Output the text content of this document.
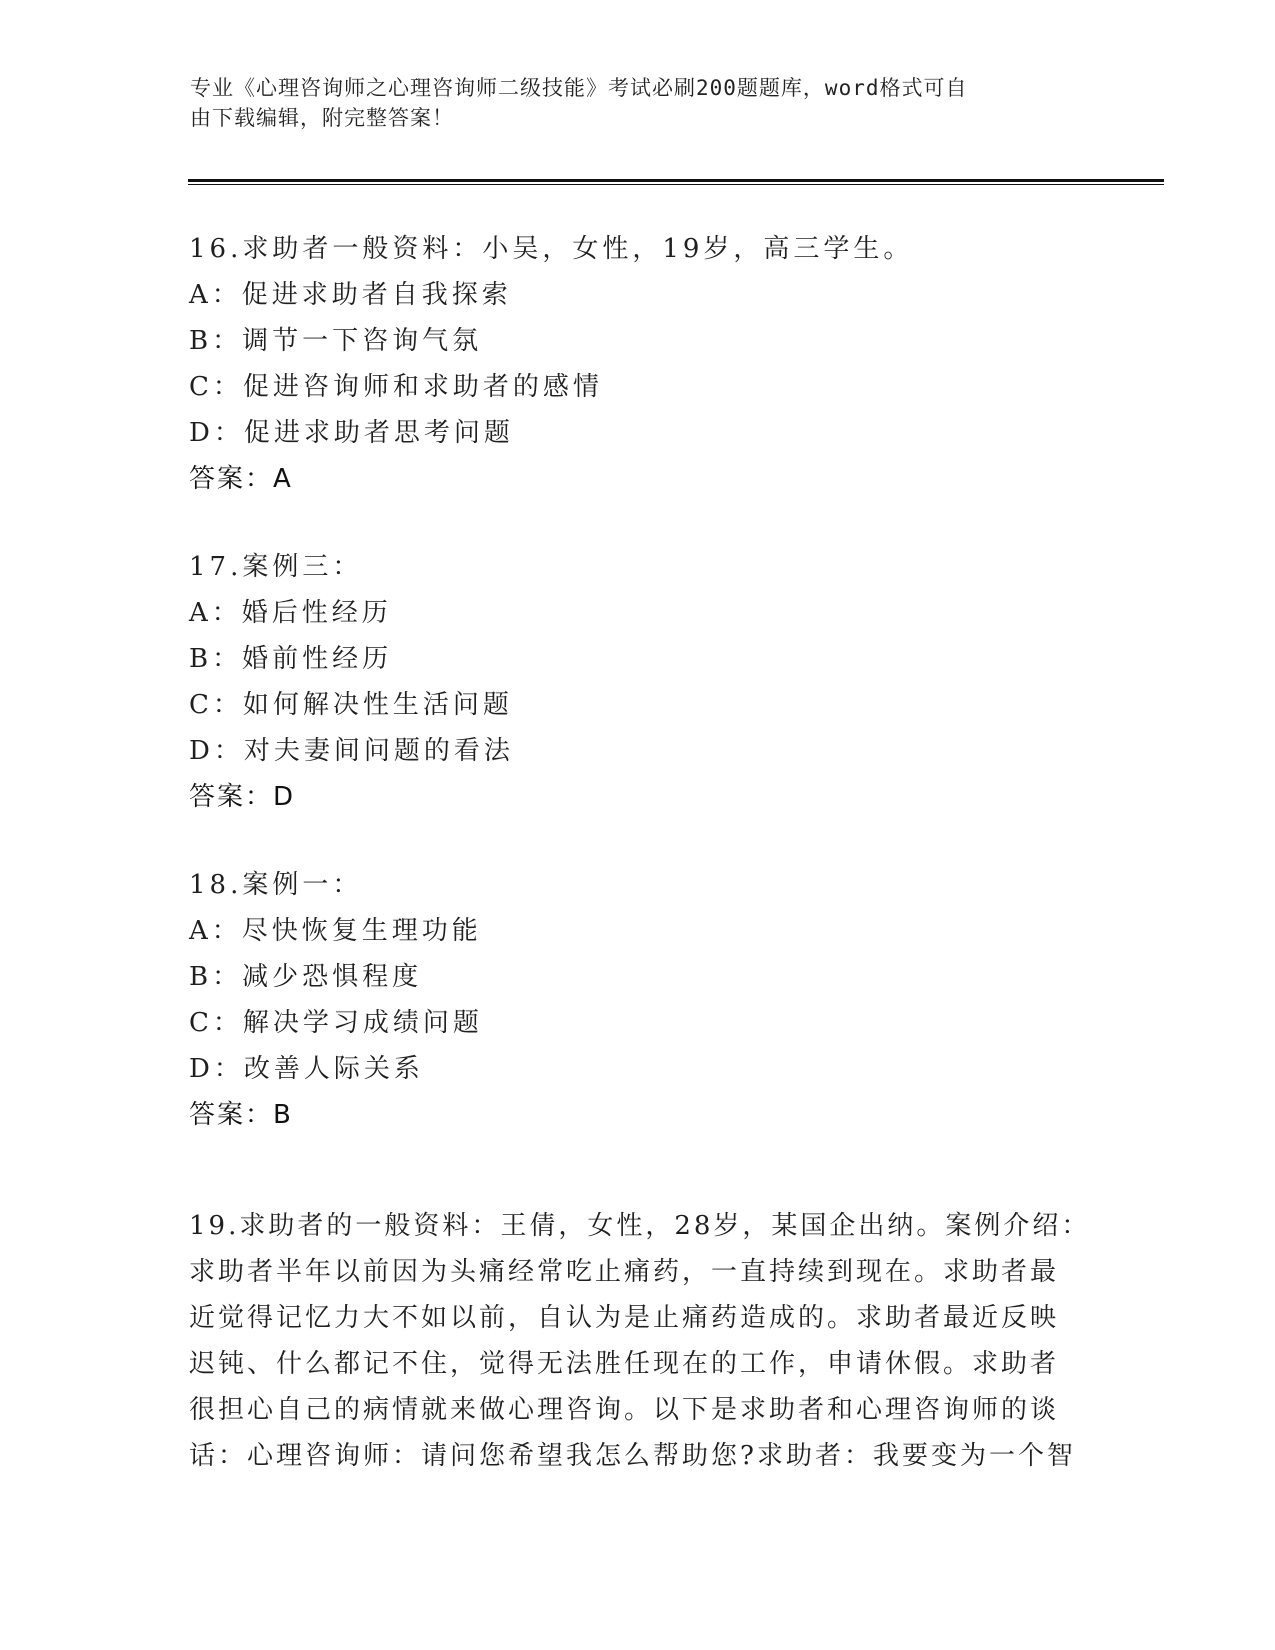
专业《心理咨询师之心理咨询师二级技能》考试必刷200题题库，word格式可自
由下载编辑，附完整答案！
16.求助者一般资料：小吴，女性，19岁，高三学生。
A：促进求助者自我探索
B：调节一下咨询气氛
C：促进咨询师和求助者的感情
D：促进求助者思考问题
答案：A
17.案例三：
A：婚后性经历
B：婚前性经历
C：如何解决性生活问题
D：对夫妻间问题的看法
答案：D
18.案例一：
A：尽快恢复生理功能
B：减少恐惧程度
C：解决学习成绩问题
D：改善人际关系
答案：B
19.求助者的一般资料：王倩，女性，28岁，某国企出纳。案例介绍：
求助者半年以前因为头痛经常吃止痛药，一直持续到现在。求助者最
近觉得记忆力大不如以前，自认为是止痛药造成的。求助者最近反映
迟钝、什么都记不住，觉得无法胜任现在的工作，申请休假。求助者
很担心自己的病情就来做心理咨询。以下是求助者和心理咨询师的谈
话：心理咨询师：请问您希望我怎么帮助您?求助者：我要变为一个智
